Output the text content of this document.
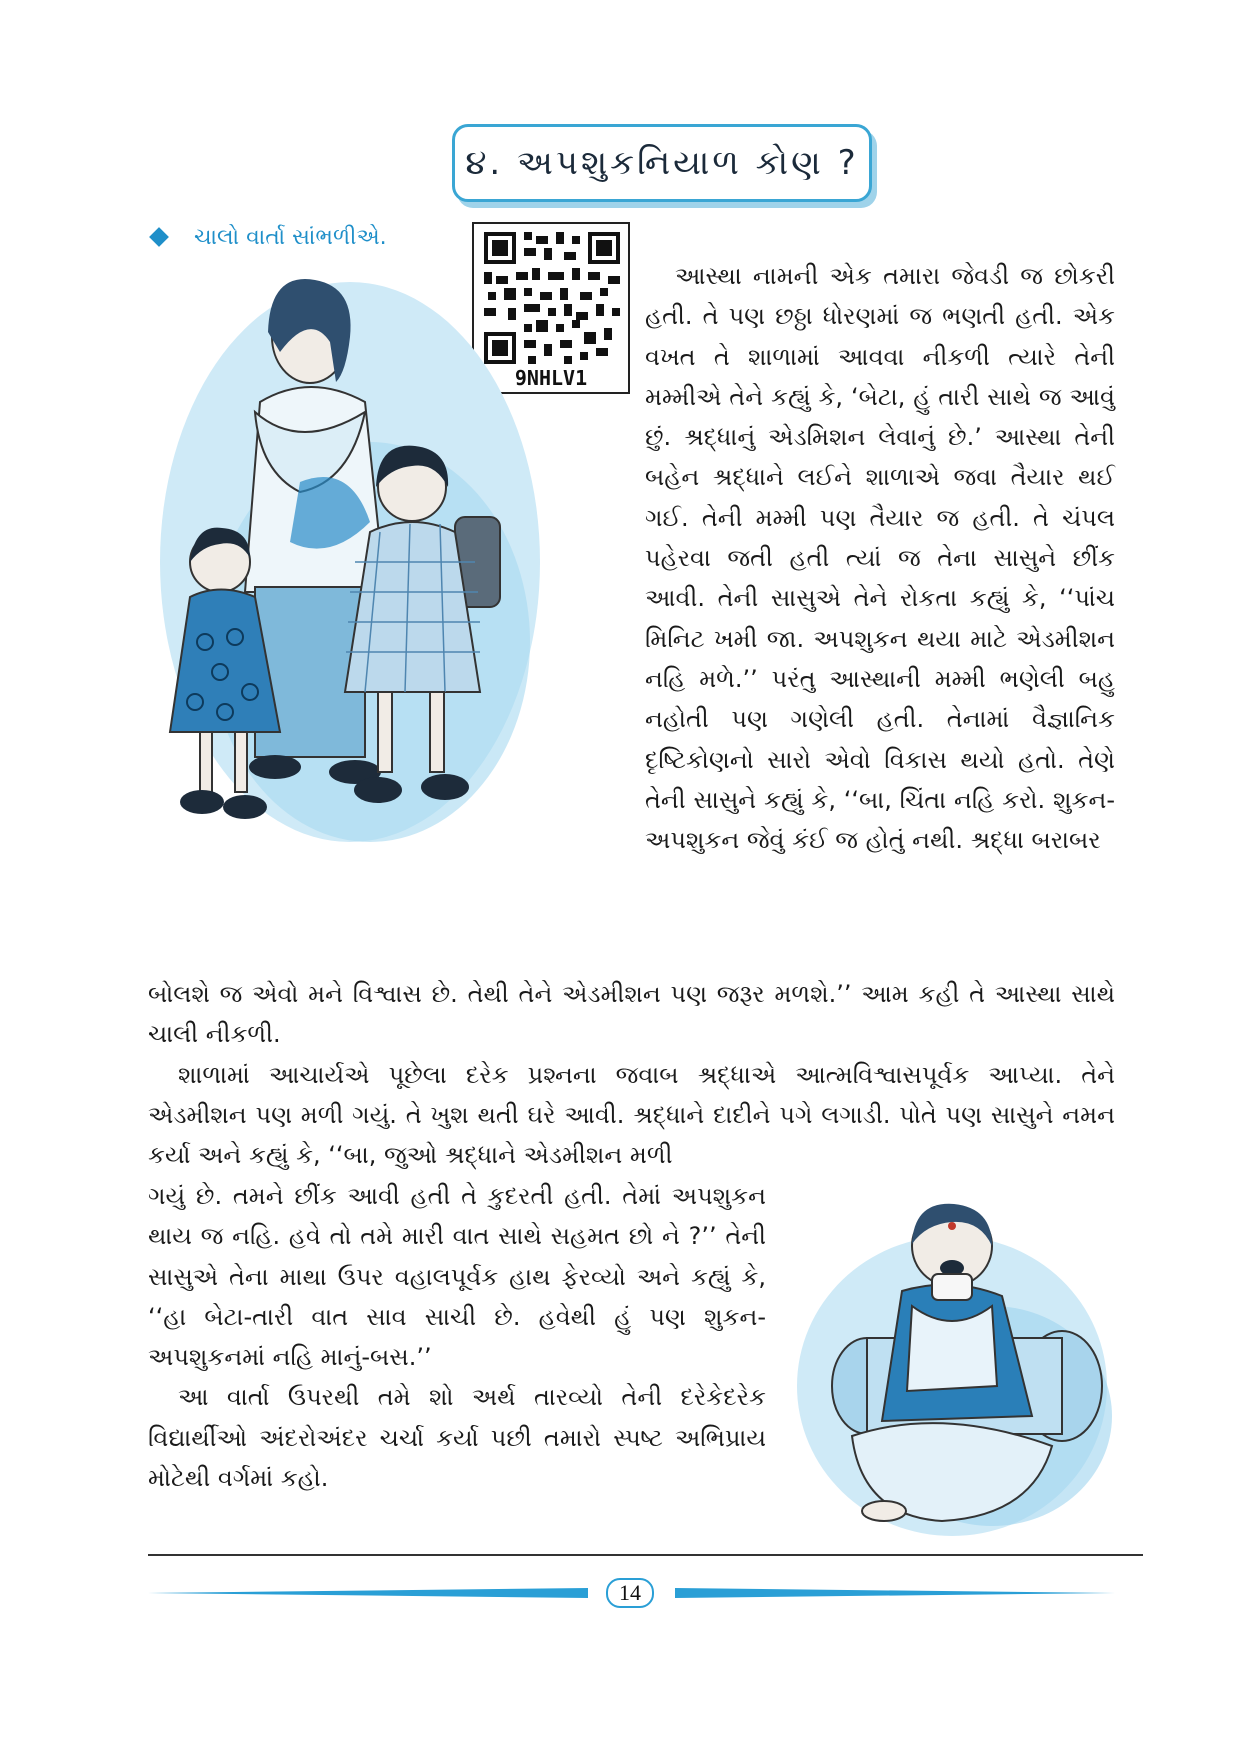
૪. અપશુકનિયાળ કોણ ?
ચાલો વાર્તા સાંભળીએ.
9NHLV1

આસ્થા નામની એક તમારા જેવડી જ છોકરી હતી. તે પણ છઠ્ઠા ધોરણમાં જ ભણતી હતી. એક વખત તે શાળામાં આવવા નીકળી ત્યારે તેની મમ્મીએ તેને કહ્યું કે, ‘બેટા, હું તારી સાથે જ આવું છું. શ્રદ્ધાનું એડમિશન લેવાનું છે.’ આસ્થા તેની બહેન શ્રદ્ધાને લઈને શાળાએ જવા તૈયાર થઈ ગઈ. તેની મમ્મી પણ તૈયાર જ હતી. તે ચંપલ પહેરવા જતી હતી ત્યાં જ તેના સાસુને છીંક આવી. તેની સાસુએ તેને રોકતા કહ્યું કે, ‘‘પાંચ મિનિટ ખમી જા. અપશુકન થયા માટે એડમીશન નહિ મળે.’’ પરંતુ આસ્થાની મમ્મી ભણેલી બહુ નહોતી પણ ગણેલી હતી. તેનામાં વૈજ્ઞાનિક દૃષ્ટિકોણનો સારો એવો વિકાસ થયો હતો. તેણે તેની સાસુને કહ્યું કે, ‘‘બા, ચિંતા નહિ કરો. શુકન-અપશુકન જેવું કંઈ જ હોતું નથી. શ્રદ્ધા બરાબર

બોલશે જ એવો મને વિશ્વાસ છે. તેથી તેને એડમીશન પણ જરૂર મળશે.’’ આમ કહી તે આસ્થા સાથે ચાલી નીકળી.

શાળામાં આચાર્યએ પૂછેલા દરેક પ્રશ્નના જવાબ શ્રદ્ધાએ આત્મવિશ્વાસપૂર્વક આપ્યા. તેને એડમીશન પણ મળી ગયું. તે ખુશ થતી ઘરે આવી. શ્રદ્ધાને દાદીને પગે લગાડી. પોતે પણ સાસુને નમન કર્યા અને કહ્યું કે, ‘‘બા, જુઓ શ્રદ્ધાને એડમીશન મળી

ગયું છે. તમને છીંક આવી હતી તે કુદરતી હતી. તેમાં અપશુકન થાય જ નહિ. હવે તો તમે મારી વાત સાથે સહમત છો ને ?’’ તેની સાસુએ તેના માથા ઉપર વહાલપૂર્વક હાથ ફેરવ્યો અને કહ્યું કે, ‘‘હા બેટા-તારી વાત સાવ સાચી છે. હવેથી હું પણ શુકન-અપશુકનમાં નહિ માનું-બસ.’’

આ વાર્તા ઉપરથી તમે શો અર્થ તારવ્યો તેની દરેકેદરેક વિદ્યાર્થીઓ અંદરોઅંદર ચર્ચા કર્યા પછી તમારો સ્પષ્ટ અભિપ્રાય મોટેથી વર્ગમાં કહો.

14
